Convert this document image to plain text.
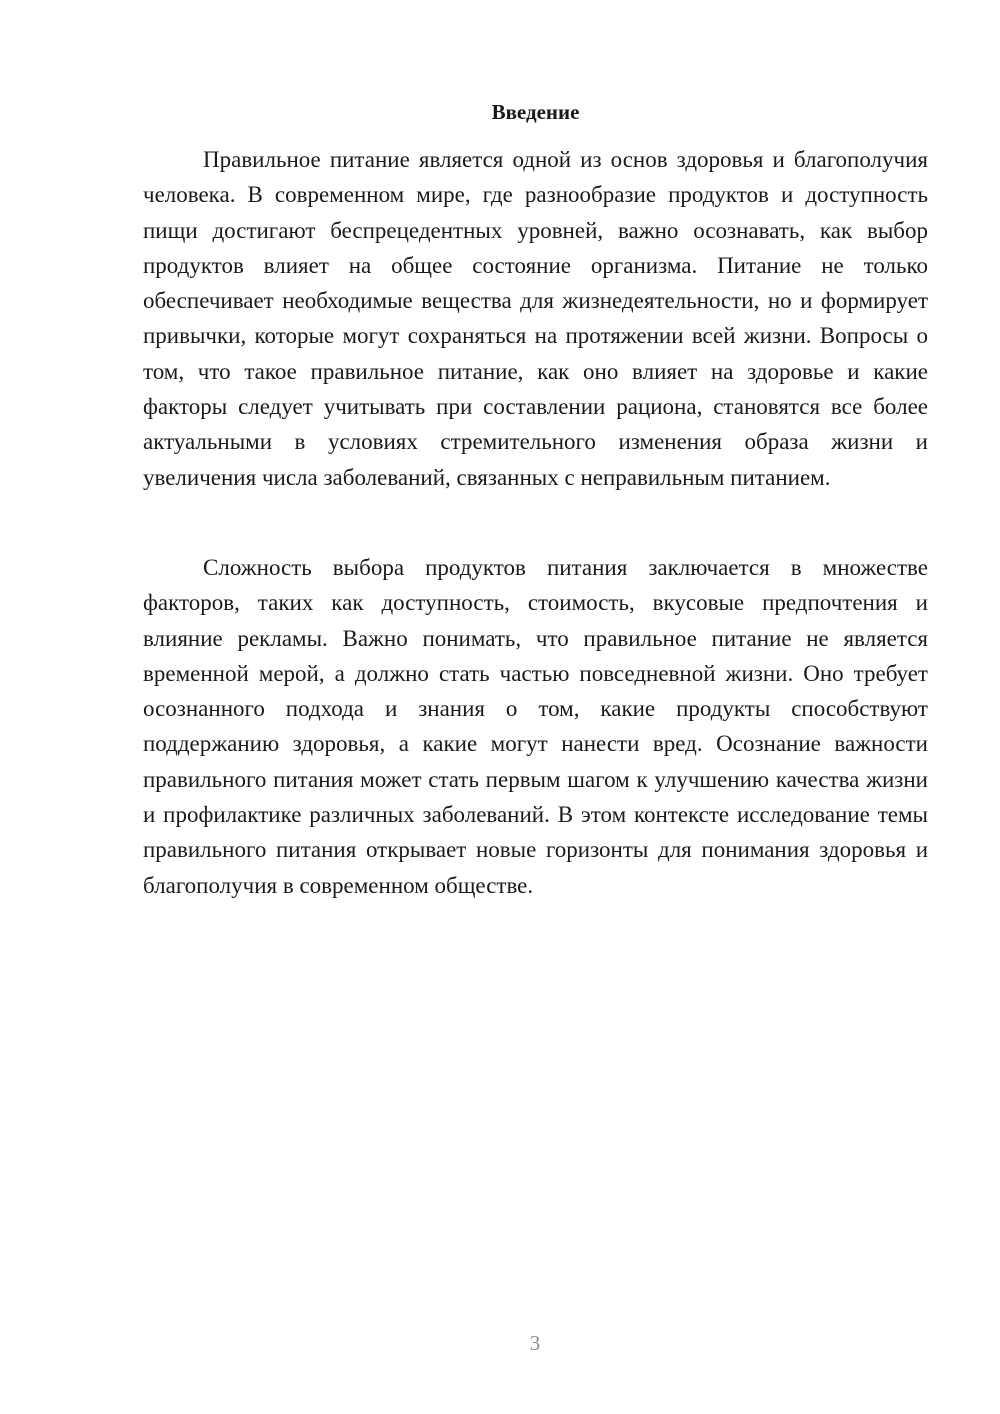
Введение

Правильное питание является одной из основ здоровья и благополучия человека. В современном мире, где разнообразие продуктов и доступность пищи достигают беспрецедентных уровней, важно осознавать, как выбор продуктов влияет на общее состояние организма. Питание не только обеспечивает необходимые вещества для жизнедеятельности, но и формирует привычки, которые могут сохраняться на протяжении всей жизни. Вопросы о том, что такое правильное питание, как оно влияет на здоровье и какие факторы следует учитывать при составлении рациона, становятся все более актуальными в условиях стремительного изменения образа жизни и увеличения числа заболеваний, связанных с неправильным питанием.

Сложность выбора продуктов питания заключается в множестве факторов, таких как доступность, стоимость, вкусовые предпочтения и влияние рекламы. Важно понимать, что правильное питание не является временной мерой, а должно стать частью повседневной жизни. Оно требует осознанного подхода и знания о том, какие продукты способствуют поддержанию здоровья, а какие могут нанести вред. Осознание важности правильного питания может стать первым шагом к улучшению качества жизни и профилактике различных заболеваний. В этом контексте исследование темы правильного питания открывает новые горизонты для понимания здоровья и благополучия в современном обществе.

3
